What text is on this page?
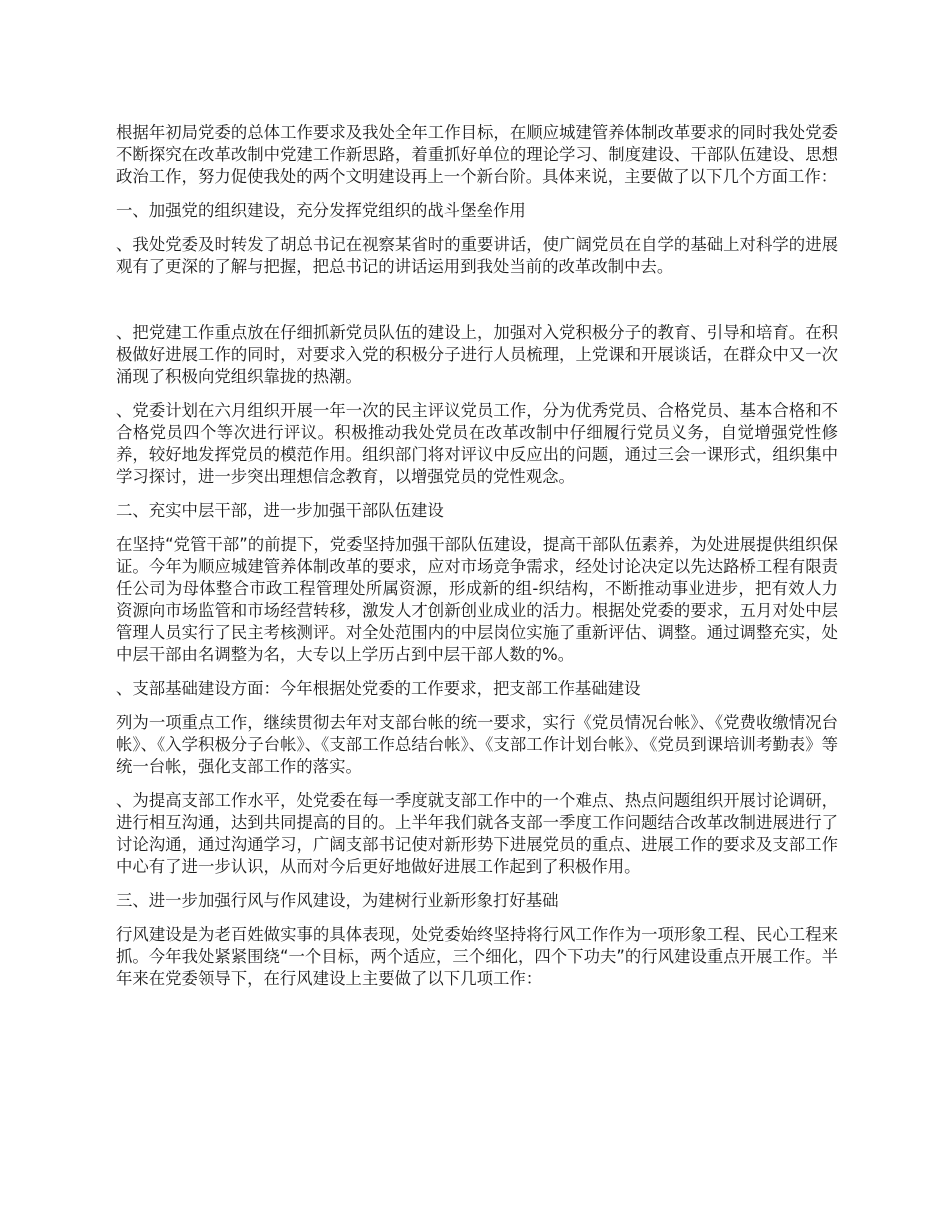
根据年初局党委的总体工作要求及我处全年工作目标，在顺应城建管养体制改革要求的同时我处党委不断探究在改革改制中党建工作新思路，着重抓好单位的理论学习、制度建设、干部队伍建设、思想政治工作，努力促使我处的两个文明建设再上一个新台阶。具体来说，主要做了以下几个方面工作：

一、加强党的组织建设，充分发挥党组织的战斗堡垒作用

、我处党委及时转发了胡总书记在视察某省时的重要讲话，使广阔党员在自学的基础上对科学的进展观有了更深的了解与把握，把总书记的讲话运用到我处当前的改革改制中去。

、把党建工作重点放在仔细抓新党员队伍的建设上，加强对入党积极分子的教育、引导和培育。在积极做好进展工作的同时，对要求入党的积极分子进行人员梳理，上党课和开展谈话，在群众中又一次涌现了积极向党组织靠拢的热潮。

、党委计划在六月组织开展一年一次的民主评议党员工作，分为优秀党员、合格党员、基本合格和不合格党员四个等次进行评议。积极推动我处党员在改革改制中仔细履行党员义务，自觉增强党性修养，较好地发挥党员的模范作用。组织部门将对评议中反应出的问题，通过三会一课形式，组织集中学习探讨，进一步突出理想信念教育，以增强党员的党性观念。

二、充实中层干部，进一步加强干部队伍建设

在坚持“党管干部”的前提下，党委坚持加强干部队伍建设，提高干部队伍素养，为处进展提供组织保证。今年为顺应城建管养体制改革的要求，应对市场竞争需求，经处讨论决定以先达路桥工程有限责任公司为母体整合市政工程管理处所属资源，形成新的组-织结构，不断推动事业进步，把有效人力资源向市场监管和市场经营转移，激发人才创新创业成业的活力。根据处党委的要求，五月对处中层管理人员实行了民主考核测评。对全处范围内的中层岗位实施了重新评估、调整。通过调整充实，处中层干部由名调整为名，大专以上学历占到中层干部人数的%。

、支部基础建设方面：今年根据处党委的工作要求，把支部工作基础建设

列为一项重点工作，继续贯彻去年对支部台帐的统一要求，实行《党员情况台帐》、《党费收缴情况台帐》、《入学积极分子台帐》、《支部工作总结台帐》、《支部工作计划台帐》、《党员到课培训考勤表》等统一台帐，强化支部工作的落实。

、为提高支部工作水平，处党委在每一季度就支部工作中的一个难点、热点问题组织开展讨论调研，进行相互沟通，达到共同提高的目的。上半年我们就各支部一季度工作问题结合改革改制进展进行了讨论沟通，通过沟通学习，广阔支部书记使对新形势下进展党员的重点、进展工作的要求及支部工作中心有了进一步认识，从而对今后更好地做好进展工作起到了积极作用。

三、进一步加强行风与作风建设，为建树行业新形象打好基础

行风建设是为老百姓做实事的具体表现，处党委始终坚持将行风工作作为一项形象工程、民心工程来抓。今年我处紧紧围绕“一个目标，两个适应，三个细化，四个下功夫”的行风建设重点开展工作。半年来在党委领导下，在行风建设上主要做了以下几项工作：
